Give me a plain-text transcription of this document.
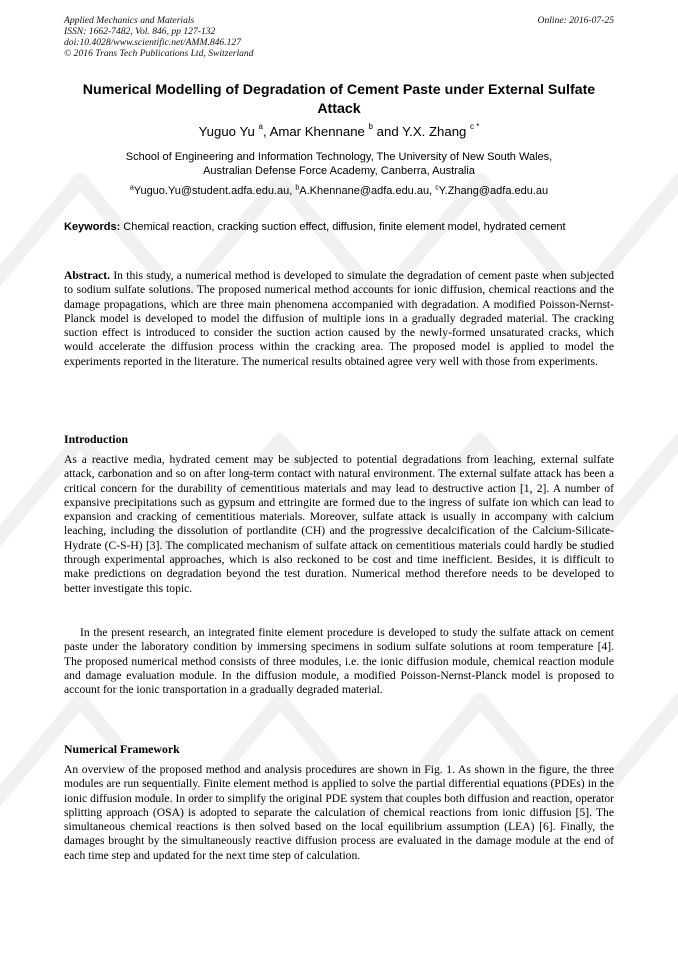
Applied Mechanics and Materials
ISSN: 1662-7482, Vol. 846, pp 127-132
doi:10.4028/www.scientific.net/AMM.846.127
© 2016 Trans Tech Publications Ltd, Switzerland
Online: 2016-07-25
Numerical Modelling of Degradation of Cement Paste under External Sulfate Attack
Yuguo Yu $^a$, Amar Khennane $^b$ and Y.X. Zhang $^{c *}$
School of Engineering and Information Technology, The University of New South Wales,
Australian Defense Force Academy, Canberra, Australia
$^a$Yuguo.Yu@student.adfa.edu.au, $^b$A.Khennane@adfa.edu.au, $^c$Y.Zhang@adfa.edu.au
Keywords: Chemical reaction, cracking suction effect, diffusion, finite element model, hydrated cement
Abstract. In this study, a numerical method is developed to simulate the degradation of cement paste when subjected to sodium sulfate solutions. The proposed numerical method accounts for ionic diffusion, chemical reactions and the damage propagations, which are three main phenomena accompanied with degradation. A modified Poisson-Nernst-Planck model is developed to model the diffusion of multiple ions in a gradually degraded material. The cracking suction effect is introduced to consider the suction action caused by the newly-formed unsaturated cracks, which would accelerate the diffusion process within the cracking area. The proposed model is applied to model the experiments reported in the literature. The numerical results obtained agree very well with those from experiments.
Introduction

As a reactive media, hydrated cement may be subjected to potential degradations from leaching, external sulfate attack, carbonation and so on after long-term contact with natural environment. The external sulfate attack has been a critical concern for the durability of cementitious materials and may lead to destructive action [1, 2]. A number of expansive precipitations such as gypsum and ettringite are formed due to the ingress of sulfate ion which can lead to expansion and cracking of cementitious materials. Moreover, sulfate attack is usually in accompany with calcium leaching, including the dissolution of portlandite (CH) and the progressive decalcification of the Calcium-Silicate-Hydrate (C-S-H) [3]. The complicated mechanism of sulfate attack on cementitious materials could hardly be studied through experimental approaches, which is also reckoned to be cost and time inefficient. Besides, it is difficult to make predictions on degradation beyond the test duration. Numerical method therefore needs to be developed to better investigate this topic.

In the present research, an integrated finite element procedure is developed to study the sulfate attack on cement paste under the laboratory condition by immersing specimens in sodium sulfate solutions at room temperature [4]. The proposed numerical method consists of three modules, i.e. the ionic diffusion module, chemical reaction module and damage evaluation module. In the diffusion module, a modified Poisson-Nernst-Planck model is proposed to account for the ionic transportation in a gradually degraded material.

Numerical Framework

An overview of the proposed method and analysis procedures are shown in Fig. 1. As shown in the figure, the three modules are run sequentially. Finite element method is applied to solve the partial differential equations (PDEs) in the ionic diffusion module. In order to simplify the original PDE system that couples both diffusion and reaction, operator splitting approach (OSA) is adopted to separate the calculation of chemical reactions from ionic diffusion [5]. The simultaneous chemical reactions is then solved based on the local equilibrium assumption (LEA) [6]. Finally, the damages brought by the simultaneously reactive diffusion process are evaluated in the damage module at the end of each time step and updated for the next time step of calculation.
